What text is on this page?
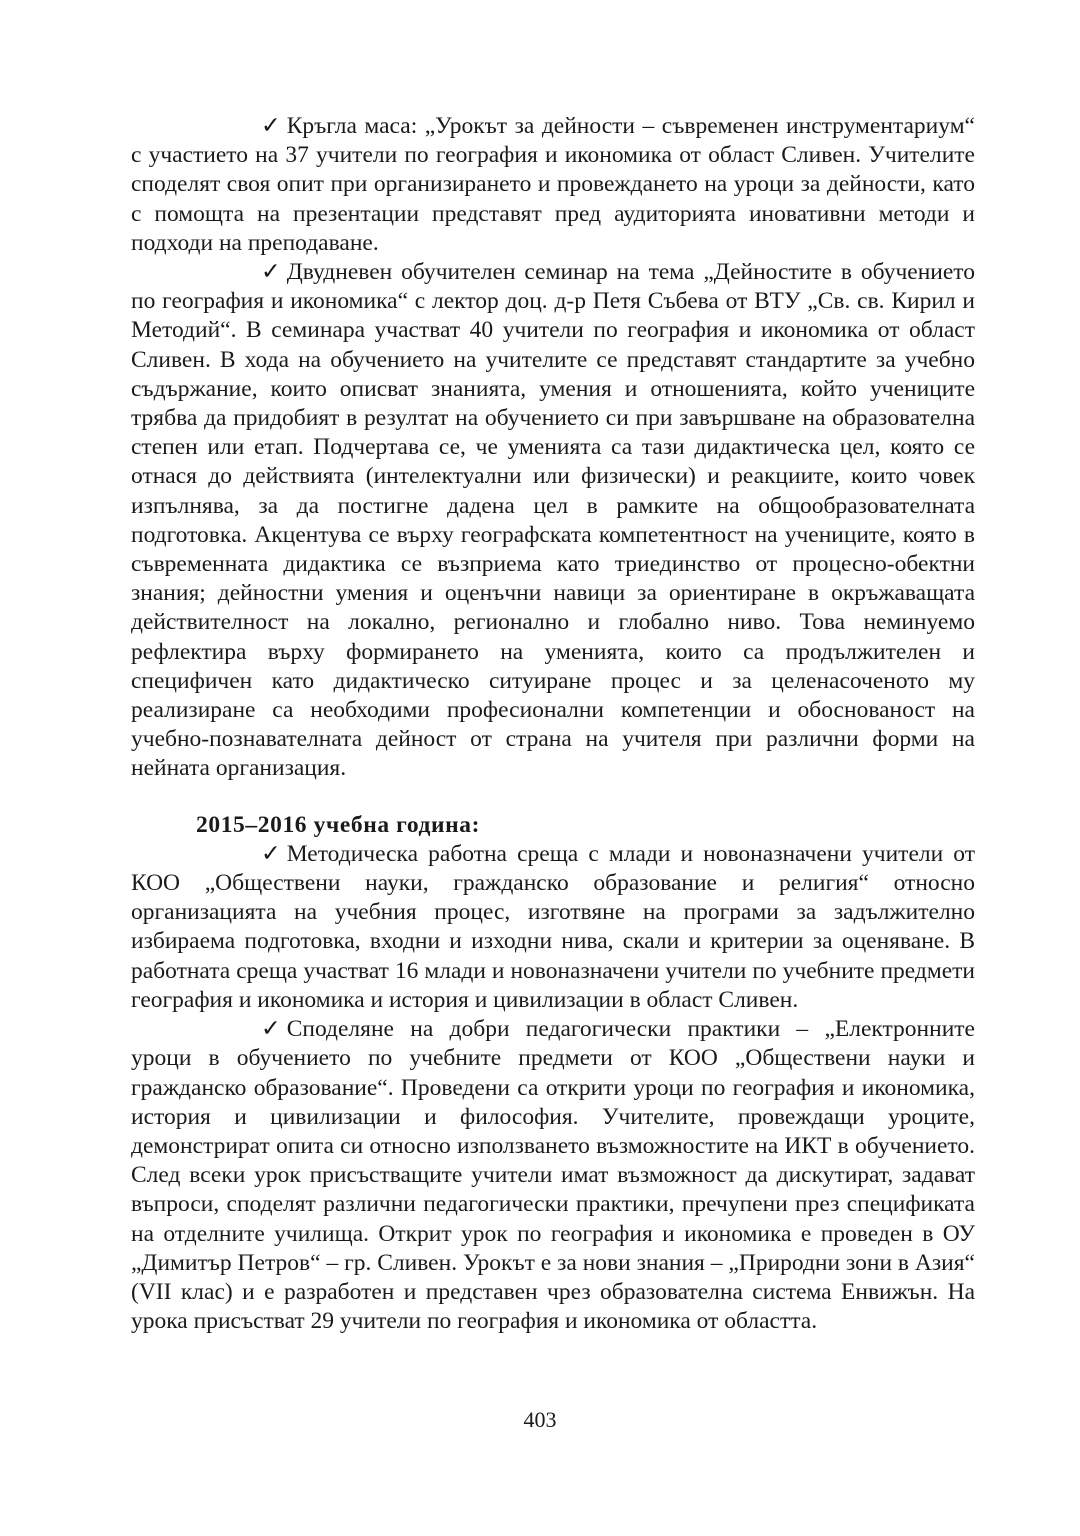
✓ Кръгла маса: „Урокът за дейности – съвременен инструментариум“ с участието на 37 учители по география и икономика от област Сливен. Учителите споделят своя опит при организирането и провеждането на уроци за дейности, като с помощта на презентации представят пред аудиторията иновативни методи и подходи на преподаване.

✓ Двудневен обучителен семинар на тема „Дейностите в обучението по география и икономика“ с лектор доц. д-р Петя Събева от ВТУ „Св. св. Кирил и Методий“. В семинара участват 40 учители по география и икономика от област Сливен. В хода на обучението на учителите се представят стандартите за учебно съдържание, които описват знанията, умения и отношенията, който учениците трябва да придобият в резултат на обучението си при завършване на образователна степен или етап. Подчертава се, че уменията са тази дидактическа цел, която се отнася до действията (интелектуални или физически) и реакциите, които човек изпълнява, за да постигне дадена цел в рамките на общообразователната подготовка. Акцентува се върху географската компетентност на учениците, която в съвременната дидактика се възприема като триединство от процесно-обектни знания; дейностни умения и оценъчни навици за ориентиране в окръжаващата действителност на локално, регионално и глобално ниво. Това неминуемо рефлектира върху формирането на уменията, които са продължителен и специфичен като дидактическо ситуиране процес и за целенасоченото му реализиране са необходими професионални компетенции и обоснованост на учебно-познавателната дейност от страна на учителя при различни форми на нейната организация.

2015–2016 учебна година:

✓ Методическа работна среща с млади и новоназначени учители от КОО „Обществени науки, гражданско образование и религия“ относно организацията на учебния процес, изготвяне на програми за задължително избираема подготовка, входни и изходни нива, скали и критерии за оценяване. В работната среща участват 16 млади и новоназначени учители по учебните предмети география и икономика и история и цивилизации в област Сливен.

✓ Споделяне на добри педагогически практики – „Електронните уроци в обучението по учебните предмети от КОО „Обществени науки и гражданско образование“. Проведени са открити уроци по география и икономика, история и цивилизации и философия. Учителите, провеждащи уроците, демонстрират опита си относно използването възможностите на ИКТ в обучението. След всеки урок присъстващите учители имат възможност да дискутират, задават въпроси, споделят различни педагогически практики, пречупени през спецификата на отделните училища. Открит урок по география и икономика е проведен в ОУ „Димитър Петров“ – гр. Сливен. Урокът е за нови знания – „Природни зони в Азия“ (VII клас) и е разработен и представен чрез образователна система Енвижън. На урока присъстват 29 учители по география и икономика от областта.

403
